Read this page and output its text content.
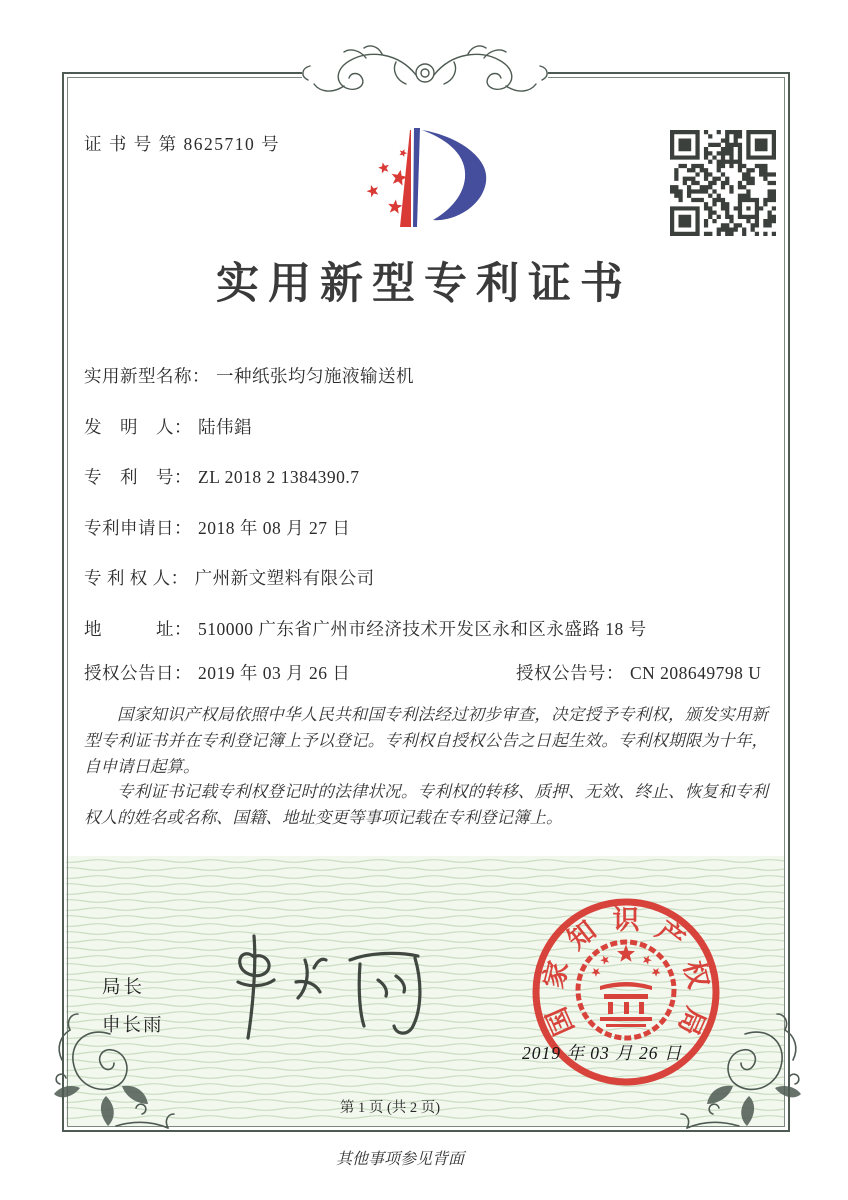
证 书 号 第 8625710 号
实用新型专利证书
实用新型名称： 一种纸张均匀施液输送机
发　明　人： 陆伟錩
专　利　号： ZL 2018 2 1384390.7
专利申请日： 2018 年 08 月 27 日
专 利 权 人： 广州新文塑料有限公司
地　　　址： 510000 广东省广州市经济技术开发区永和区永盛路 18 号
授权公告日： 2019 年 03 月 26 日	授权公告号： CN 208649798 U

国家知识产权局依照中华人民共和国专利法经过初步审查，决定授予专利权，颁发实用新型专利证书并在专利登记簿上予以登记。专利权自授权公告之日起生效。专利权期限为十年，自申请日起算。

专利证书记载专利权登记时的法律状况。专利权的转移、质押、无效、终止、恢复和专利权人的姓名或名称、国籍、地址变更等事项记载在专利登记簿上。

局长
申长雨	国
家
知 识 产
权
局
2019 年 03 月 26 日
第 1 页 (共 2 页)
其他事项参见背面
